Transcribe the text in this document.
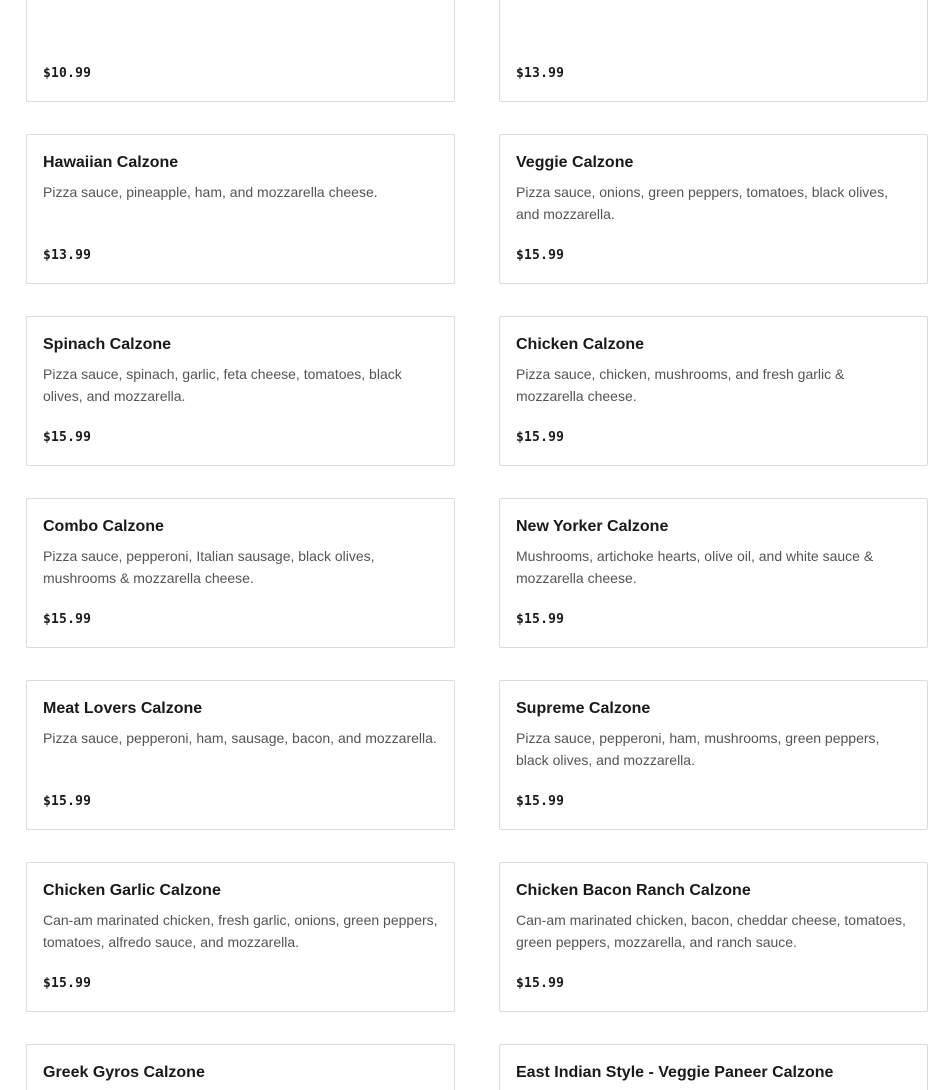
$10.99	$13.99
Hawaiian Calzone
Pizza sauce, pineapple, ham, and mozzarella cheese.
$13.99
Veggie Calzone
Pizza sauce, onions, green peppers, tomatoes, black olives, and mozzarella.
$15.99
Spinach Calzone
Pizza sauce, spinach, garlic, feta cheese, tomatoes, black olives, and mozzarella.
$15.99
Chicken Calzone
Pizza sauce, chicken, mushrooms, and fresh garlic & mozzarella cheese.
$15.99
Combo Calzone
Pizza sauce, pepperoni, Italian sausage, black olives, mushrooms & mozzarella cheese.
$15.99
New Yorker Calzone
Mushrooms, artichoke hearts, olive oil, and white sauce & mozzarella cheese.
$15.99
Meat Lovers Calzone
Pizza sauce, pepperoni, ham, sausage, bacon, and mozzarella.
$15.99
Supreme Calzone
Pizza sauce, pepperoni, ham, mushrooms, green peppers, black olives, and mozzarella.
$15.99
Chicken Garlic Calzone
Can-am marinated chicken, fresh garlic, onions, green peppers, tomatoes, alfredo sauce, and mozzarella.
$15.99
Chicken Bacon Ranch Calzone
Can-am marinated chicken, bacon, cheddar cheese, tomatoes, green peppers, mozzarella, and ranch sauce.
$15.99
Greek Gyros Calzone	East Indian Style - Veggie Paneer Calzone
